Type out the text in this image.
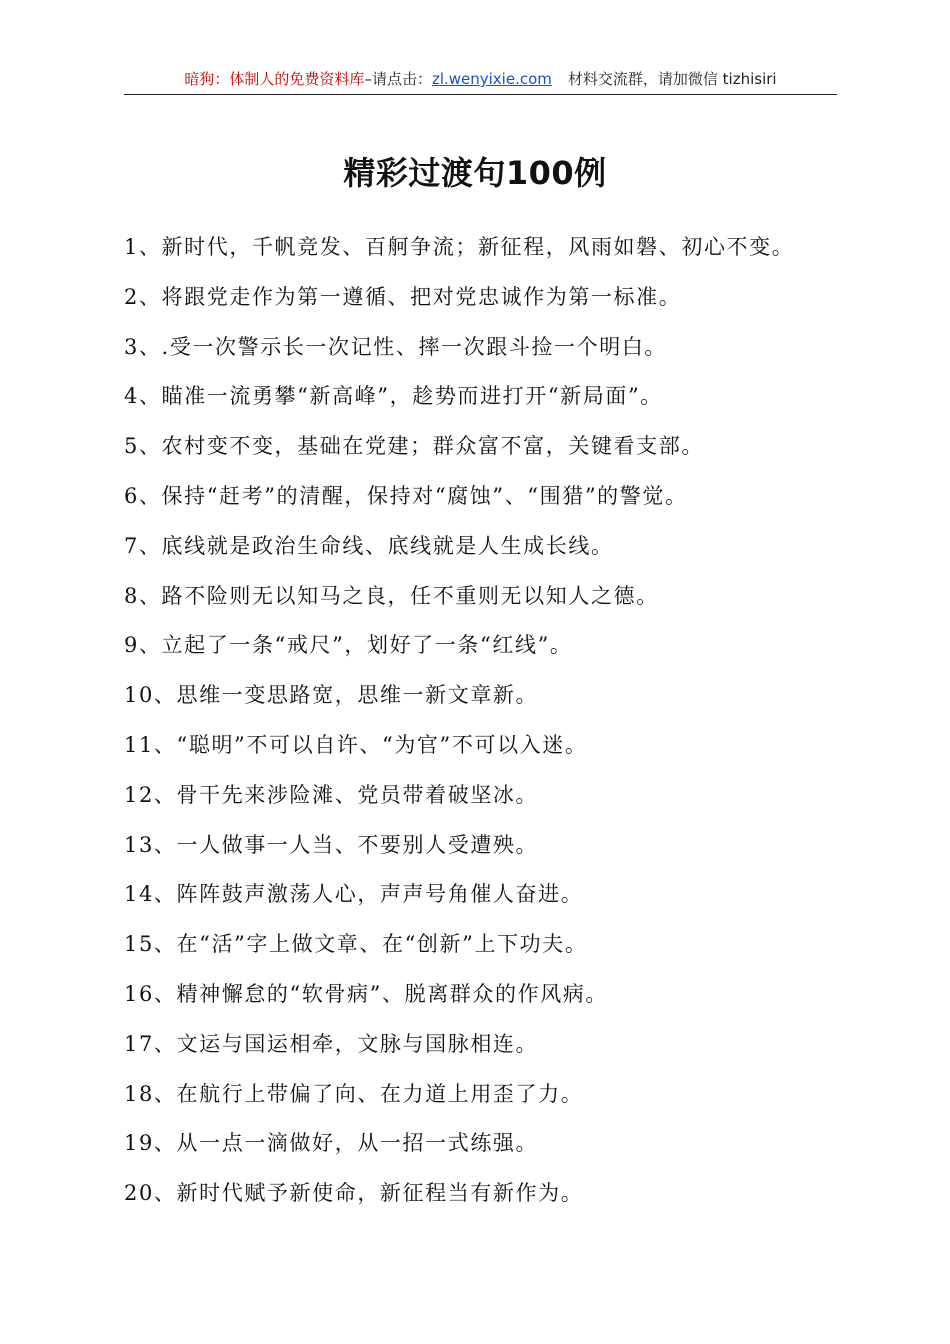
暗狗：体制人的免费资料库–请点击：zl.wenyixie.com 材料交流群，请加微信 tizhisiri
精彩过渡句100例
1、新时代，千帆竞发、百舸争流；新征程，风雨如磐、初心不变。
2、将跟党走作为第一遵循、把对党忠诚作为第一标准。
3、.受一次警示长一次记性、摔一次跟斗捡一个明白。
4、瞄准一流勇攀“新高峰”，趁势而进打开“新局面”。
5、农村变不变，基础在党建；群众富不富，关键看支部。
6、保持“赶考”的清醒，保持对“腐蚀”、“围猎”的警觉。
7、底线就是政治生命线、底线就是人生成长线。
8、路不险则无以知马之良，任不重则无以知人之德。
9、立起了一条“戒尺”，划好了一条“红线”。
10、思维一变思路宽，思维一新文章新。
11、“聪明”不可以自许、“为官”不可以入迷。
12、骨干先来涉险滩、党员带着破坚冰。
13、一人做事一人当、不要别人受遭殃。
14、阵阵鼓声激荡人心，声声号角催人奋进。
15、在“活”字上做文章、在“创新”上下功夫。
16、精神懈怠的“软骨病”、脱离群众的作风病。
17、文运与国运相牵，文脉与国脉相连。
18、在航行上带偏了向、在力道上用歪了力。
19、从一点一滴做好，从一招一式练强。
20、新时代赋予新使命，新征程当有新作为。
